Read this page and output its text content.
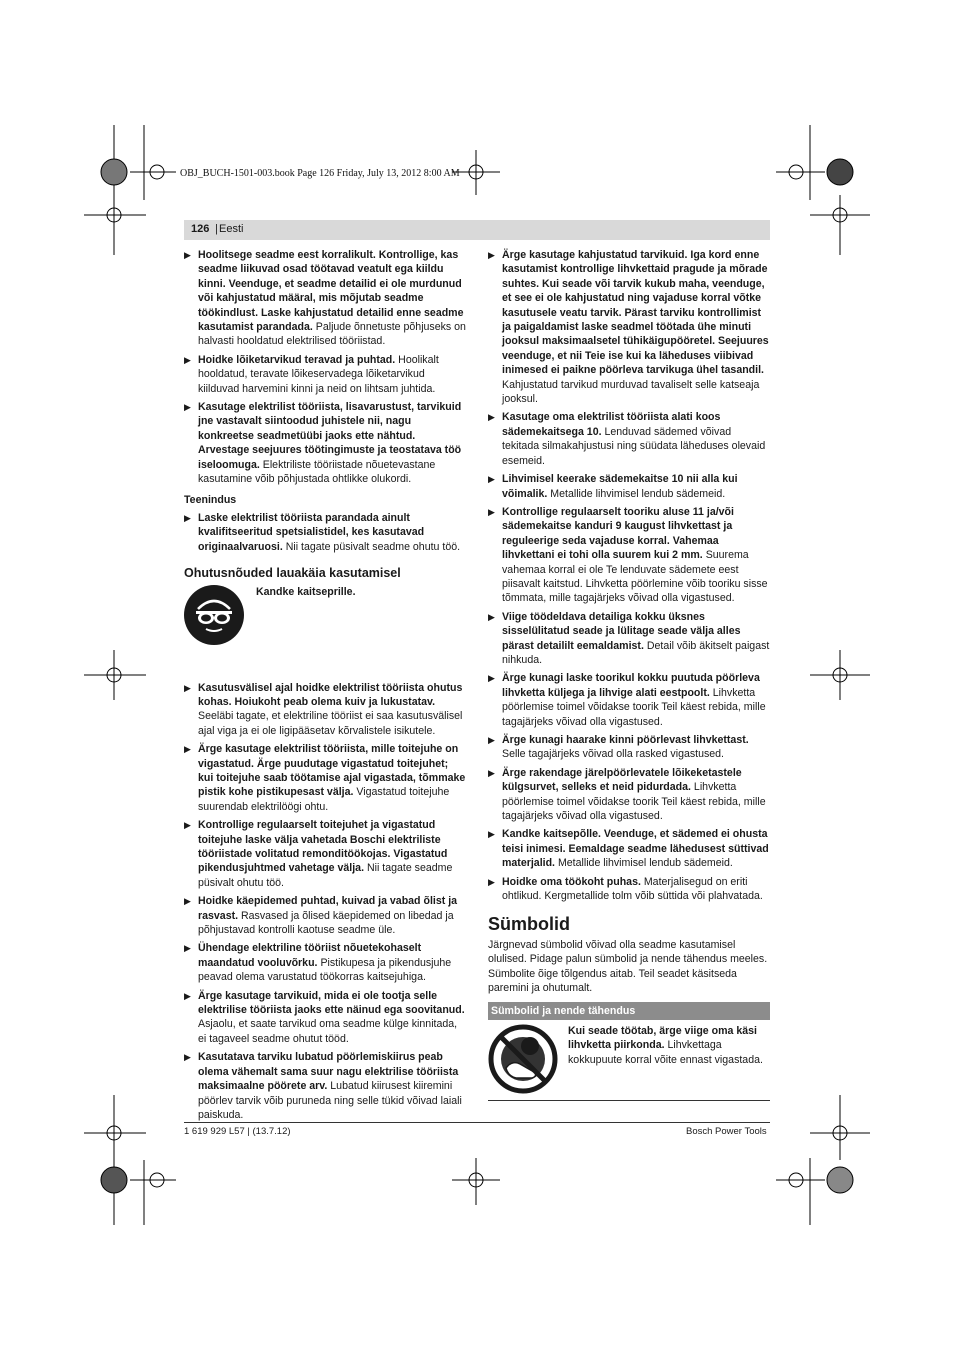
OBJ_BUCH-1501-003.book Page 126 Friday, July 13, 2012 8:00 AM
126 | Eesti
▶ Hoolitsege seadme eest korralikult. Kontrollige, kas seadme liikuvad osad töötavad veatult ega kiildu kinni. Veenduge, et seadme detailid ei ole murdunud või kahjustatud määral, mis mõjutab seadme töökindlust. Laske kahjustatud detailid enne seadme kasutamist parandada. Paljude õnnetuste põhjuseks on halvasti hooldatud elektrilised tööriistad.
▶ Hoidke lõiketarvikud teravad ja puhtad. Hoolikalt hooldatud, teravate lõikeservadega lõiketarvikud kiilduvad harvemini kinni ja neid on lihtsam juhtida.
▶ Kasutage elektrilist tööriista, lisavarustust, tarvikuid jne vastavalt siintoodud juhistele nii, nagu konkreetse seadmetüübi jaoks ette nähtud. Arvestage seejuures töötingimuste ja teostatava töö iseloomuga. Elektriliste tööriistade nõuetevastane kasutamine võib põhjustada ohtlikke olukordi.
Teenindus
▶ Laske elektrilist tööriista parandada ainult kvalifitseeritud spetsialistidel, kes kasutavad originaalvaruosi. Nii tagate püsivalt seadme ohutu töö.
Ohutusnõuded lauakäia kasutamisel
Kandke kaitseprille.
▶ Kasutusvälisel ajal hoidke elektrilist tööriista ohutus kohas. Hoiukoht peab olema kuiv ja lukustatav. Seeläbi tagate, et elektriline tööriist ei saa kasutusvälisel ajal viga ja ei ole ligipääsetav kõrvalistele isikutele.
▶ Ärge kasutage elektrilist tööriista, mille toitejuhe on vigastatud. Ärge puudutage vigastatud toitejuhet; kui toitejuhe saab töötamise ajal vigastada, tõmmake pistik kohe pistikupesast välja. Vigastatud toitejuhe suurendab elektrilöögi ohtu.
▶ Kontrollige regulaarselt toitejuhet ja vigastatud toitejuhe laske välja vahetada Boschi elektriliste tööriistade volitatud remonditöökojas. Vigastatud pikendusjuhtmed vahetage välja. Nii tagate seadme püsivalt ohutu töö.
▶ Hoidke käepidemed puhtad, kuivad ja vabad õlist ja rasvast. Rasvased ja õlised käepidemed on libedad ja põhjustavad kontrolli kaotuse seadme üle.
▶ Ühendage elektriline tööriist nõuetekohaselt maandatud vooluvõrku. Pistikupesa ja pikendusjuhe peavad olema varustatud töökorras kaitsejuhiga.
▶ Ärge kasutage tarvikuid, mida ei ole tootja selle elektrilise tööriista jaoks ette näinud ega soovitanud. Asjaolu, et saate tarvikud oma seadme külge kinnitada, ei tagaveel seadme ohutut tööd.
▶ Kasutatava tarviku lubatud pöörlemiskiirus peab olema vähemalt sama suur nagu elektrilise tööriista maksimaalne pöörete arv. Lubatud kiirusest kiiremini pöörlev tarvik võib puruneda ning selle tükid võivad laiali paiskuda.
▶ Ärge kasutage kahjustatud tarvikuid. Iga kord enne kasutamist kontrollige lihvkettaid pragude ja mõrade suhtes. Kui seade või tarvik kukub maha, veenduge, et see ei ole kahjustatud ning vajaduse korral võtke kasutusele veatu tarvik. Pärast tarviku kontrollimist ja paigaldamist laske seadmel töötada ühe minuti jooksul maksimaalsetel tühikäigupööretel. Seejuures veenduge, et nii Teie ise kui ka läheduses viibivad inimesed ei paikne pöörleva tarvikuga ühel tasandil. Kahjustatud tarvikud murduvad tavaliselt selle katseaja jooksul.
▶ Kasutage oma elektrilist tööriista alati koos sädemekaitsega 10. Lenduvad sädemed võivad tekitada silmakahjustusi ning süüdata läheduses olevaid esemeid.
▶ Lihvimisel keerake sädemekaitse 10 nii alla kui võimalik. Metallide lihvimisel lendub sädemeid.
▶ Kontrollige regulaarselt tooriku aluse 11 ja/või sädemekaitse kanduri 9 kaugust lihvkettast ja reguleerige seda vajaduse korral. Vahemaa lihvkettani ei tohi olla suurem kui 2 mm. Suurema vahemaa korral ei ole Te lenduvate sädemete eest piisavalt kaitstud. Lihvketta pöörlemine võib tooriku sisse tõmmata, mille tagajärjeks võivad olla vigastused.
▶ Viige töödeldava detailiga kokku üksnes sisselülitatud seade ja lülitage seade välja alles pärast detaililt eemaldamist. Detail võib äkitselt paigast nihkuda.
▶ Ärge kunagi laske toorikul kokku puutuda pöörleva lihvketta küljega ja lihvige alati eestpoolt. Lihvketta pöörlemise toimel võidakse toorik Teil käest rebida, mille tagajärjeks võivad olla vigastused.
▶ Ärge kunagi haarake kinni pöörlevast lihvkettast. Selle tagajärjeks võivad olla rasked vigastused.
▶ Ärge rakendage järelpöörlevatele lõikeketastele külgsurvet, selleks et neid pidurdada. Lihvketta pöörlemise toimel võidakse toorik Teil käest rebida, mille tagajärjeks võivad olla vigastused.
▶ Kandke kaitsepõlle. Veenduge, et sädemed ei ohusta teisi inimesi. Eemaldage seadme lähedusest süttivad materjalid. Metallide lihvimisel lendub sädemeid.
▶ Hoidke oma töökoht puhas. Materjalisegud on eriti ohtlikud. Kergmetallide tolm võib süttida või plahvatada.
Sümbolid
Järgnevad sümbolid võivad olla seadme kasutamisel olulised. Pidage palun sümbolid ja nende tähendus meeles. Sümbolite õige tõlgendus aitab. Teil seadet käsitseda paremini ja ohutumalt.
Sümbolid ja nende tähendus
Kui seade töötab, ärge viige oma käsi lihvketta piirkonda. Lihvkettaga kokkupuute korral võite ennast vigastada.
1 619 929 L57 | (13.7.12)	Bosch Power Tools
